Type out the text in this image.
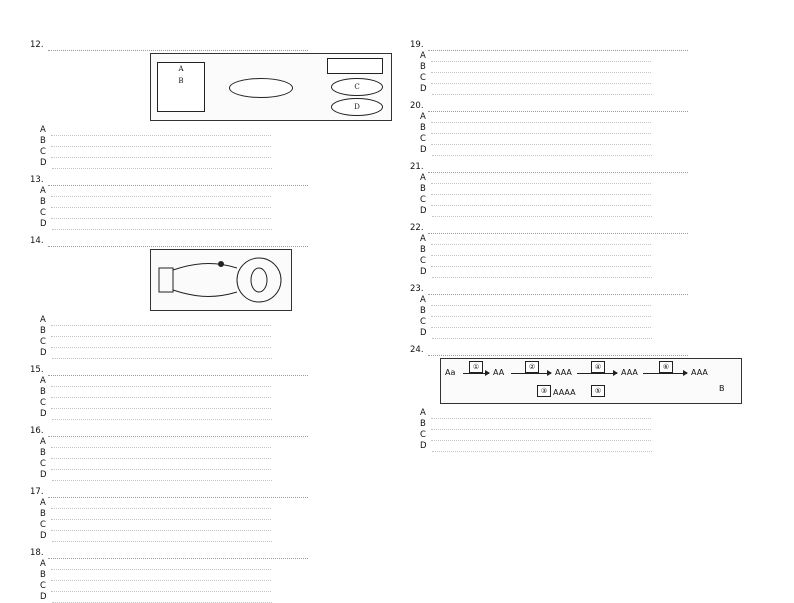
12.
A
B
C
D
A
B
C
D
13.
A
B
C
D
14.
A
B
C
D
15.
A
B
C
D
16.
A
B
C
D
17.
A
B
C
D
18.
A
B
C
D
19.
A
B
C
D
20.
A
B
C
D
21.
A
B
C
D
22.
A
B
C
D
23.
A
B
C
D
24.
Aa
①
AA
②
AAA
③ AAAA
④
⑤
AAA
⑥
AAA
B
A
B
C
D
